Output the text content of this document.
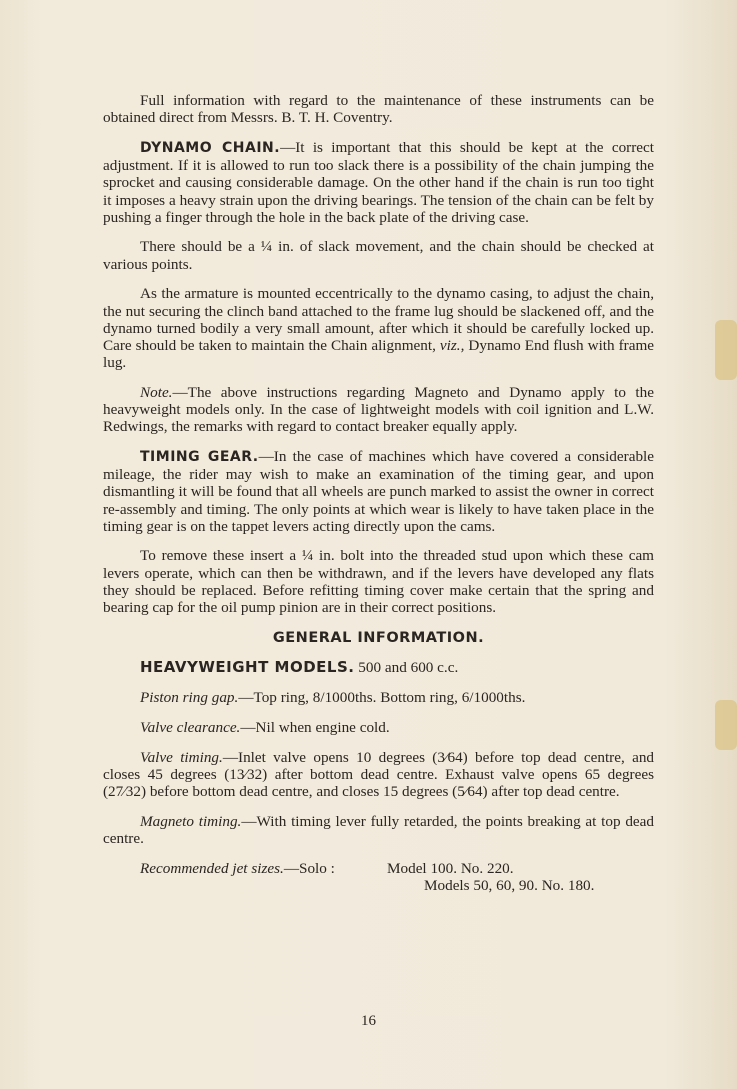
Full information with regard to the maintenance of these instruments can be obtained direct from Messrs. B. T. H. Coventry.

DYNAMO CHAIN.—It is important that this should be kept at the correct adjustment. If it is allowed to run too slack there is a possibility of the chain jumping the sprocket and causing considerable damage. On the other hand if the chain is run too tight it imposes a heavy strain upon the driving bearings. The tension of the chain can be felt by pushing a finger through the hole in the back plate of the driving case.

There should be a ¼ in. of slack movement, and the chain should be checked at various points.

As the armature is mounted eccentrically to the dynamo casing, to adjust the chain, the nut securing the clinch band attached to the frame lug should be slackened off, and the dynamo turned bodily a very small amount, after which it should be carefully locked up. Care should be taken to maintain the Chain alignment, viz., Dynamo End flush with frame lug.

Note.—The above instructions regarding Magneto and Dynamo apply to the heavyweight models only. In the case of lightweight models with coil ignition and L.W. Redwings, the remarks with regard to contact breaker equally apply.

TIMING GEAR.—In the case of machines which have covered a considerable mileage, the rider may wish to make an examination of the timing gear, and upon dismantling it will be found that all wheels are punch marked to assist the owner in correct re-assembly and timing. The only points at which wear is likely to have taken place in the timing gear is on the tappet levers acting directly upon the cams.

To remove these insert a ¼ in. bolt into the threaded stud upon which these cam levers operate, which can then be withdrawn, and if the levers have developed any flats they should be replaced. Before refitting timing cover make certain that the spring and bearing cap for the oil pump pinion are in their correct positions.

GENERAL INFORMATION.

HEAVYWEIGHT MODELS. 500 and 600 c.c.

Piston ring gap.—Top ring, 8/1000ths. Bottom ring, 6/1000ths.

Valve clearance.—Nil when engine cold.

Valve timing.—Inlet valve opens 10 degrees (3⁄64) before top dead centre, and closes 45 degrees (13⁄32) after bottom dead centre. Exhaust valve opens 65 degrees (27⁄32) before bottom dead centre, and closes 15 degrees (5⁄64) after top dead centre.

Magneto timing.—With timing lever fully retarded, the points breaking at top dead centre.

Recommended jet sizes.—Solo :	Model 100. No. 220.
Models 50, 60, 90. No. 180.
16
